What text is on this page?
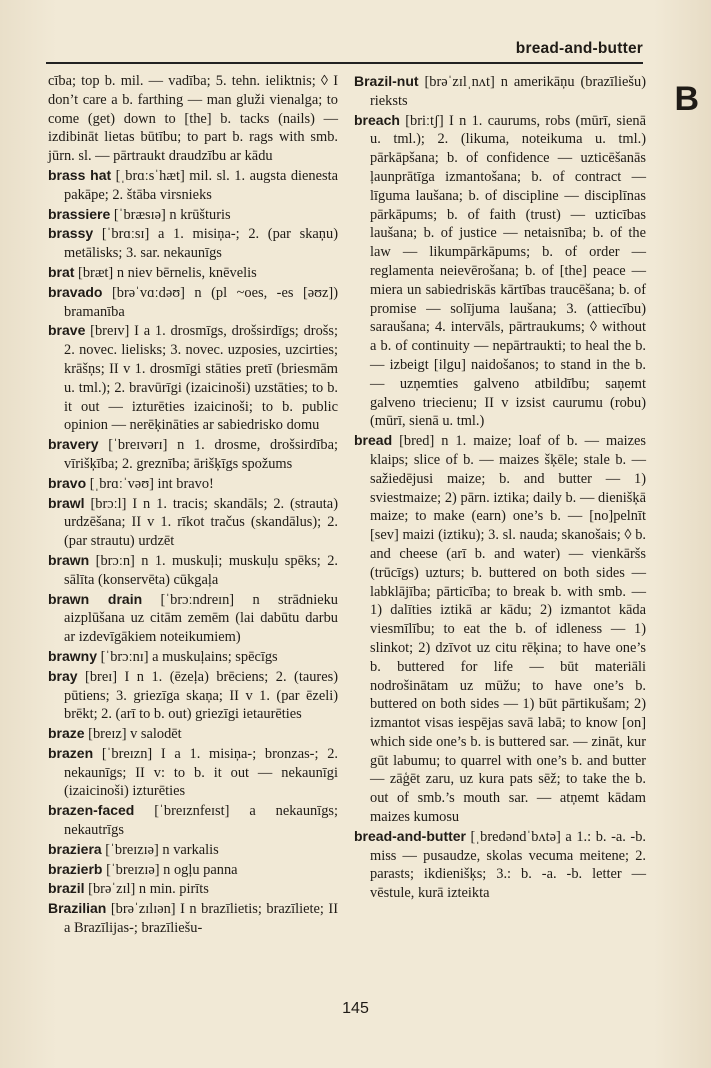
bread-and-butter
B

cība; top b. mil. — vadība; 5. tehn. ieliktnis; ◊ I don’t care a b. farthing — man gluži vienalga; to come (get) down to [the] b. tacks (nails) — izdibināt lietas būtību; to part b. rags with smb. jūrn. sl. — pārtraukt draudzību ar kādu

brass hat [ˌbrɑːsˈhæt] mil. sl. 1. augsta dienesta pakāpe; 2. štāba virsnieks

brassiere [ˈbræsɪə] n krūšturis

brassy [ˈbrɑːsɪ] a 1. misiņa-; 2. (par skaņu) metālisks; 3. sar. nekaunīgs

brat [bræt] n niev bērnelis, knēvelis

bravado [brəˈvɑːdəʊ] n (pl ~oes, -es [əʊz]) bramanība

brave [breɪv] I a 1. drosmīgs, drošsirdīgs; drošs; 2. novec. lielisks; 3. novec. uzposies, uzcirties; krāšņs; II v 1. drosmīgi stāties pretī (briesmām u. tml.); 2. bravūrīgi (izaicinoši) uzstāties; to b. it out — izturēties izaicinoši; to b. public opinion — nerēķināties ar sabiedrisko domu

bravery [ˈbreɪvərɪ] n 1. drosme, drošsirdība; vīrišķība; 2. greznība; ārišķīgs spožums

bravo [ˌbrɑːˈvəʊ] int bravo!

brawl [brɔːl] I n 1. tracis; skandāls; 2. (strauta) urdzēšana; II v 1. rīkot tračus (skandālus); 2. (par strautu) urdzēt

brawn [brɔːn] n 1. muskuļi; muskuļu spēks; 2. sālīta (konservēta) cūkgaļa

brawn drain [ˈbrɔːndreɪn] n strādnieku aizplūšana uz citām zemēm (lai dabūtu darbu ar izdevīgākiem noteikumiem)

brawny [ˈbrɔːnɪ] a muskuļains; spēcīgs

bray [breɪ] I n 1. (ēzeļa) brēciens; 2. (taures) pūtiens; 3. griezīga skaņa; II v 1. (par ēzeli) brēkt; 2. (arī to b. out) griezīgi ietaurēties

braze [breɪz] v salodēt

brazen [ˈbreɪzn] I a 1. misiņa-; bronzas-; 2. nekaunīgs; II v: to b. it out — nekaunīgi (izaicinoši) izturēties

brazen-faced [ˈbreɪznfeɪst] a nekaunīgs; nekautrīgs

braziera [ˈbreɪzɪə] n varkalis

brazierb [ˈbreɪzɪə] n ogļu panna

brazil [brəˈzɪl] n min. pirīts

Brazilian [brəˈzɪlɪən] I n brazīlietis; brazīliete; II a Brazīlijas-; brazīliešu-

Brazil-nut [brəˈzɪlˌnʌt] n amerikāņu (brazīliešu) rieksts

breach [briːtʃ] I n 1. caurums, robs (mūrī, sienā u. tml.); 2. (likuma, noteikuma u. tml.) pārkāpšana; b. of confidence — uzticēšanās ļaunprātīga izmantošana; b. of contract — līguma laušana; b. of discipline — disciplīnas pārkāpums; b. of faith (trust) — uzticības laušana; b. of justice — netaisnība; b. of the law — likumpārkāpums; b. of order — reglamenta neievērošana; b. of [the] peace — miera un sabiedriskās kārtības traucēšana; b. of promise — solījuma laušana; 3. (attiecību) saraušana; 4. intervāls, pārtraukums; ◊ without a b. of continuity — nepārtraukti; to heal the b. — izbeigt [ilgu] naidošanos; to stand in the b. — uzņemties galveno atbildību; saņemt galveno triecienu; II v izsist caurumu (robu) (mūrī, sienā u. tml.)

bread [bred] n 1. maize; loaf of b. — maizes klaips; slice of b. — maizes šķēle; stale b. — sažiedējusi maize; b. and butter — 1) sviestmaize; 2) pārn. iztika; daily b. — dienišķā maize; to make (earn) one’s b. — [no]pelnīt [sev] maizi (iztiku); 3. sl. nauda; skanošais; ◊ b. and cheese (arī b. and water) — vienkāršs (trūcīgs) uzturs; b. buttered on both sides — labklājība; pārticība; to break b. with smb. — 1) dalīties iztikā ar kādu; 2) izmantot kāda viesmīlību; to eat the b. of idleness — 1) slinkot; 2) dzīvot uz citu rēķina; to have one’s b. buttered for life — būt materiāli nodrošinātam uz mūžu; to have one’s b. buttered on both sides — 1) būt pārtikušam; 2) izmantot visas iespējas savā labā; to know [on] which side one’s b. is buttered sar. — zināt, kur gūt labumu; to quarrel with one’s b. and butter — zāģēt zaru, uz kura pats sēž; to take the b. out of smb.’s mouth sar. — atņemt kādam maizes kumosu

bread-and-butter [ˌbredəndˈbʌtə] a 1.: b. -a. -b. miss — pusaudze, skolas vecuma meitene; 2. parasts; ikdienišķs; 3.: b. -a. -b. letter — vēstule, kurā izteikta

145
